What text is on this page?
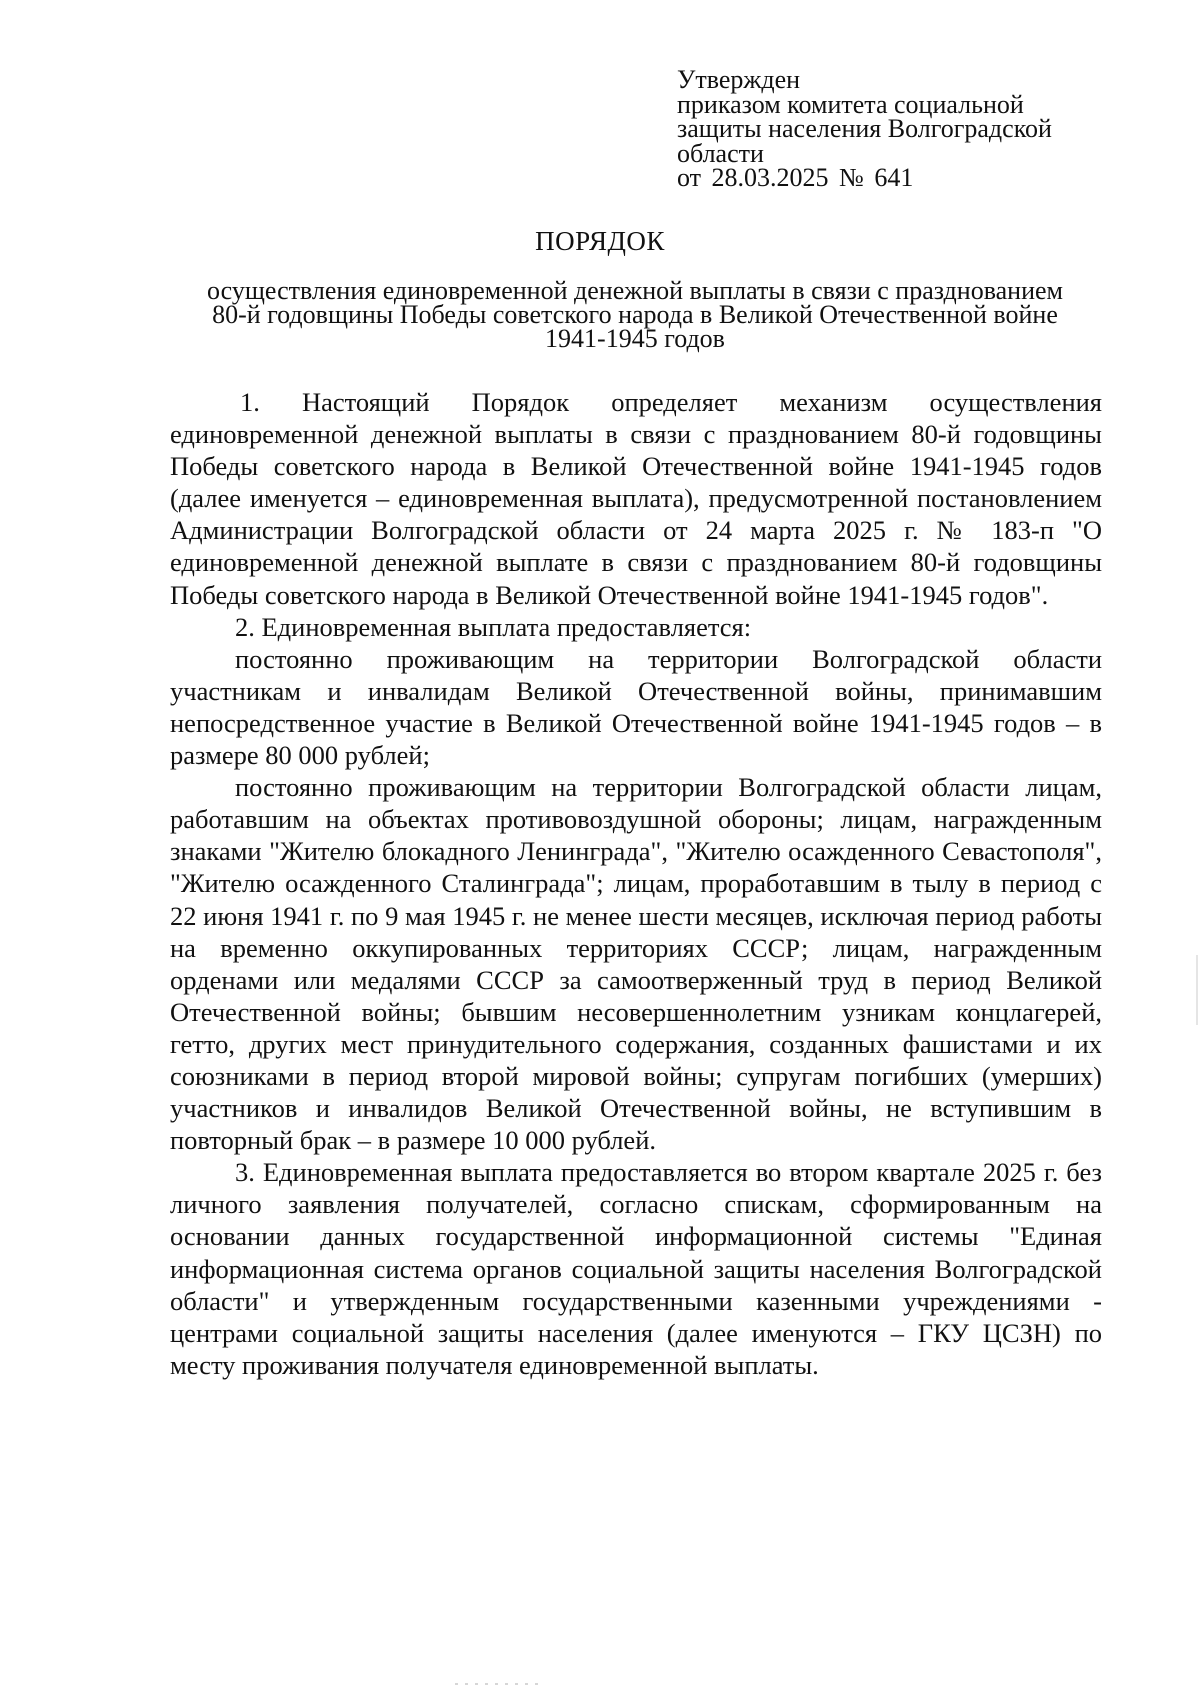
Утвержден
приказом комитета социальной
защиты населения Волгоградской
области
от 28.03.2025 № 641
ПОРЯДОК
осуществления единовременной денежной выплаты в связи с празднованием
80-й годовщины Победы советского народа в Великой Отечественной войне
1941-1945 годов

1. Настоящий Порядок определяет механизм осуществления единовременной денежной выплаты в связи с празднованием 80-й годовщины Победы советского народа в Великой Отечественной войне 1941-1945 годов (далее именуется – единовременная выплата), предусмотренной постановлением Администрации Волгоградской области от 24 марта 2025 г. № 183-п "О единовременной денежной выплате в связи с празднованием 80-й годовщины Победы советского народа в Великой Отечественной войне 1941-1945 годов".

2. Единовременная выплата предоставляется:

постоянно проживающим на территории Волгоградской области участникам и инвалидам Великой Отечественной войны, принимавшим непосредственное участие в Великой Отечественной войне 1941-1945 годов – в размере 80 000 рублей;

постоянно проживающим на территории Волгоградской области лицам, работавшим на объектах противовоздушной обороны; лицам, награжденным знаками "Жителю блокадного Ленинграда", "Жителю осажденного Севастополя", "Жителю осажденного Сталинграда"; лицам, проработавшим в тылу в период с 22 июня 1941 г. по 9 мая 1945 г. не менее шести месяцев, исключая период работы на временно оккупированных территориях СССР; лицам, награжденным орденами или медалями СССР за самоотверженный труд в период Великой Отечественной войны; бывшим несовершеннолетним узникам концлагерей, гетто, других мест принудительного содержания, созданных фашистами и их союзниками в период второй мировой войны; супругам погибших (умерших) участников и инвалидов Великой Отечественной войны, не вступившим в повторный брак – в размере 10 000 рублей.

3. Единовременная выплата предоставляется во втором квартале 2025 г. без личного заявления получателей, согласно спискам, сформированным на основании данных государственной информационной системы "Единая информационная система органов социальной защиты населения Волгоградской области" и утвержденным государственными казенными учреждениями - центрами социальной защиты населения (далее именуются – ГКУ ЦСЗН) по месту проживания получателя единовременной выплаты.
